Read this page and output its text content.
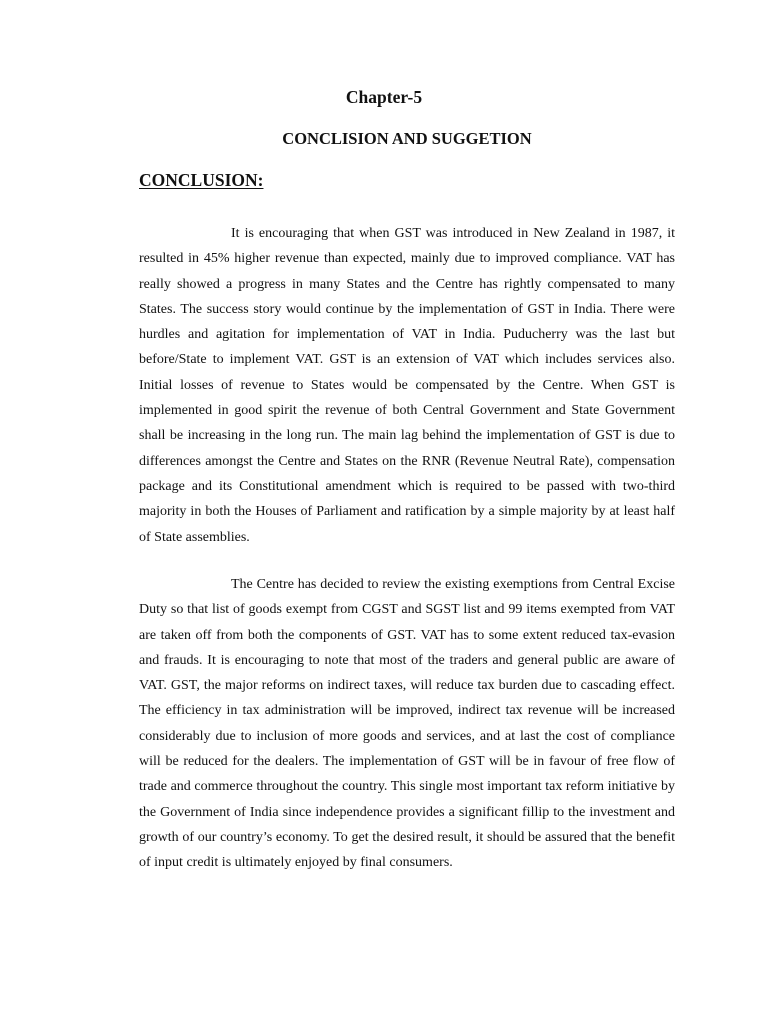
Chapter-5
CONCLISION AND SUGGETION
CONCLUSION:

It is encouraging that when GST was introduced in New Zealand in 1987, it resulted in 45% higher revenue than expected, mainly due to improved compliance. VAT has really showed a progress in many States and the Centre has rightly compensated to many States. The success story would continue by the implementation of GST in India. There were hurdles and agitation for implementation of VAT in India. Puducherry was the last but before/State to implement VAT. GST is an extension of VAT which includes services also. Initial losses of revenue to States would be compensated by the Centre. When GST is implemented in good spirit the revenue of both Central Government and State Government shall be increasing in the long run. The main lag behind the implementation of GST is due to differences amongst the Centre and States on the RNR (Revenue Neutral Rate), compensation package and its Constitutional amendment which is required to be passed with two-third majority in both the Houses of Parliament and ratification by a simple majority by at least half of State assemblies.

The Centre has decided to review the existing exemptions from Central Excise Duty so that list of goods exempt from CGST and SGST list and 99 items exempted from VAT are taken off from both the components of GST. VAT has to some extent reduced tax-evasion and frauds. It is encouraging to note that most of the traders and general public are aware of VAT. GST, the major reforms on indirect taxes, will reduce tax burden due to cascading effect. The efficiency in tax administration will be improved, indirect tax revenue will be increased considerably due to inclusion of more goods and services, and at last the cost of compliance will be reduced for the dealers. The implementation of GST will be in favour of free flow of trade and commerce throughout the country. This single most important tax reform initiative by the Government of India since independence provides a significant fillip to the investment and growth of our country’s economy. To get the desired result, it should be assured that the benefit of input credit is ultimately enjoyed by final consumers.
